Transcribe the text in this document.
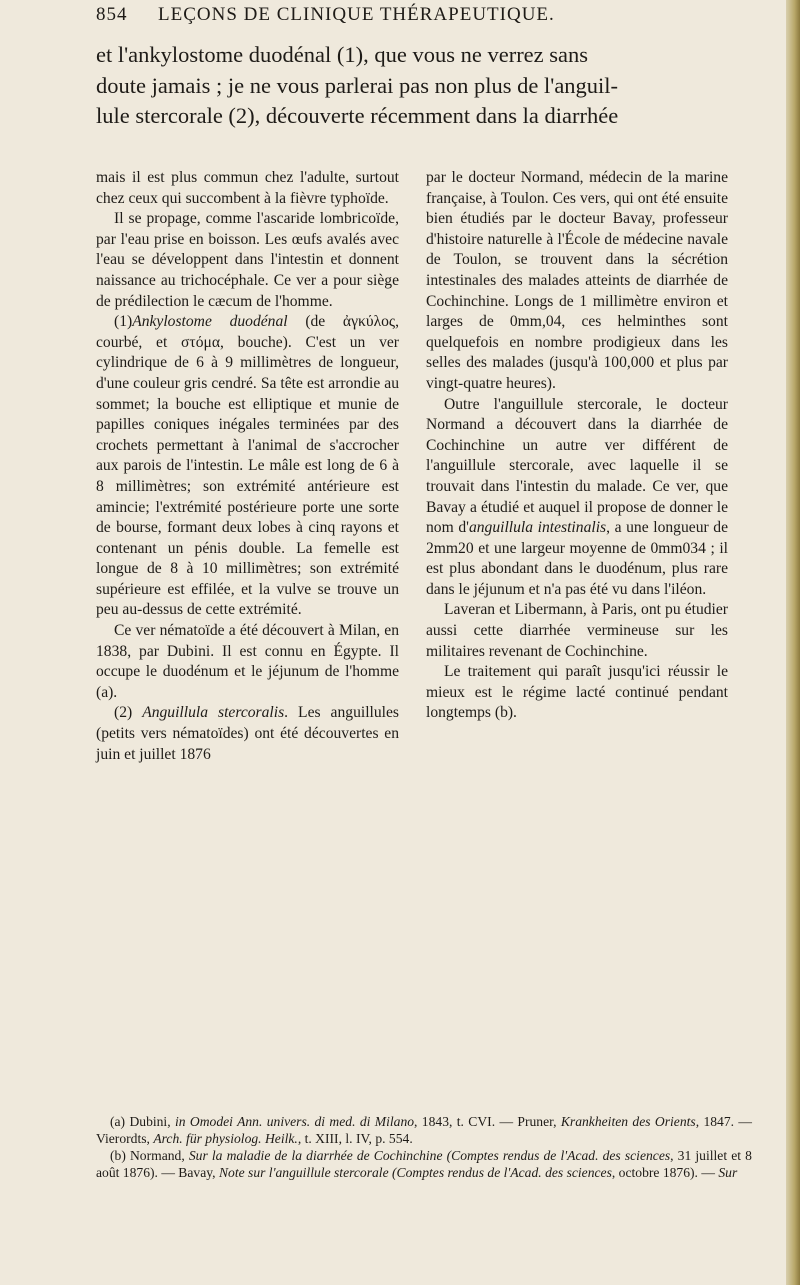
854 LEÇONS DE CLINIQUE THÉRAPEUTIQUE.
et l'ankylostome duodénal (1), que vous ne verrez sans
doute jamais ; je ne vous parlerai pas non plus de l'anguil-
lule stercorale (2), découverte récemment dans la diarrhée

mais il est plus commun chez l'adulte, surtout chez ceux qui succombent à la fièvre typhoïde.

Il se propage, comme l'ascaride lombricoïde, par l'eau prise en boisson. Les œufs avalés avec l'eau se développent dans l'intestin et donnent naissance au trichocéphale. Ce ver a pour siège de prédilection le cæcum de l'homme.

(1)Ankylostome duodénal (de ἀγκύλος, courbé, et στόμα, bouche). C'est un ver cylindrique de 6 à 9 millimètres de longueur, d'une couleur gris cendré. Sa tête est arrondie au sommet; la bouche est elliptique et munie de papilles coniques inégales terminées par des crochets permettant à l'animal de s'accrocher aux parois de l'intestin. Le mâle est long de 6 à 8 millimètres; son extrémité antérieure est amincie; l'extrémité postérieure porte une sorte de bourse, formant deux lobes à cinq rayons et contenant un pénis double. La femelle est longue de 8 à 10 millimètres; son extrémité supérieure est effilée, et la vulve se trouve un peu au-dessus de cette extrémité.

Ce ver nématoïde a été découvert à Milan, en 1838, par Dubini. Il est connu en Égypte. Il occupe le duodénum et le jéjunum de l'homme (a).

(2) Anguillula stercoralis. Les anguillules (petits vers nématoïdes) ont été découvertes en juin et juillet 1876

par le docteur Normand, médecin de la marine française, à Toulon. Ces vers, qui ont été ensuite bien étudiés par le docteur Bavay, professeur d'histoire naturelle à l'École de médecine navale de Toulon, se trouvent dans la sécrétion intestinales des malades atteints de diarrhée de Cochinchine. Longs de 1 millimètre environ et larges de 0mm,04, ces helminthes sont quelquefois en nombre prodigieux dans les selles des malades (jusqu'à 100,000 et plus par vingt-quatre heures).

Outre l'anguillule stercorale, le docteur Normand a découvert dans la diarrhée de Cochinchine un autre ver différent de l'anguillule stercorale, avec laquelle il se trouvait dans l'intestin du malade. Ce ver, que Bavay a étudié et auquel il propose de donner le nom d'anguillula intestinalis, a une longueur de 2mm20 et une largeur moyenne de 0mm034 ; il est plus abondant dans le duodénum, plus rare dans le jéjunum et n'a pas été vu dans l'iléon.

Laveran et Libermann, à Paris, ont pu étudier aussi cette diarrhée vermineuse sur les militaires revenant de Cochinchine.

Le traitement qui paraît jusqu'ici réussir le mieux est le régime lacté continué pendant longtemps (b).

(a) Dubini, in Omodei Ann. univers. di med. di Milano, 1843, t. CVI. — Pruner, Krankheiten des Orients, 1847. — Vierordts, Arch. für physiolog. Heilk., t. XIII, l. IV, p. 554.

(b) Normand, Sur la maladie de la diarrhée de Cochinchine (Comptes rendus de l'Acad. des sciences, 31 juillet et 8 août 1876). — Bavay, Note sur l'anguillule stercorale (Comptes rendus de l'Acad. des sciences, octobre 1876). — Sur
